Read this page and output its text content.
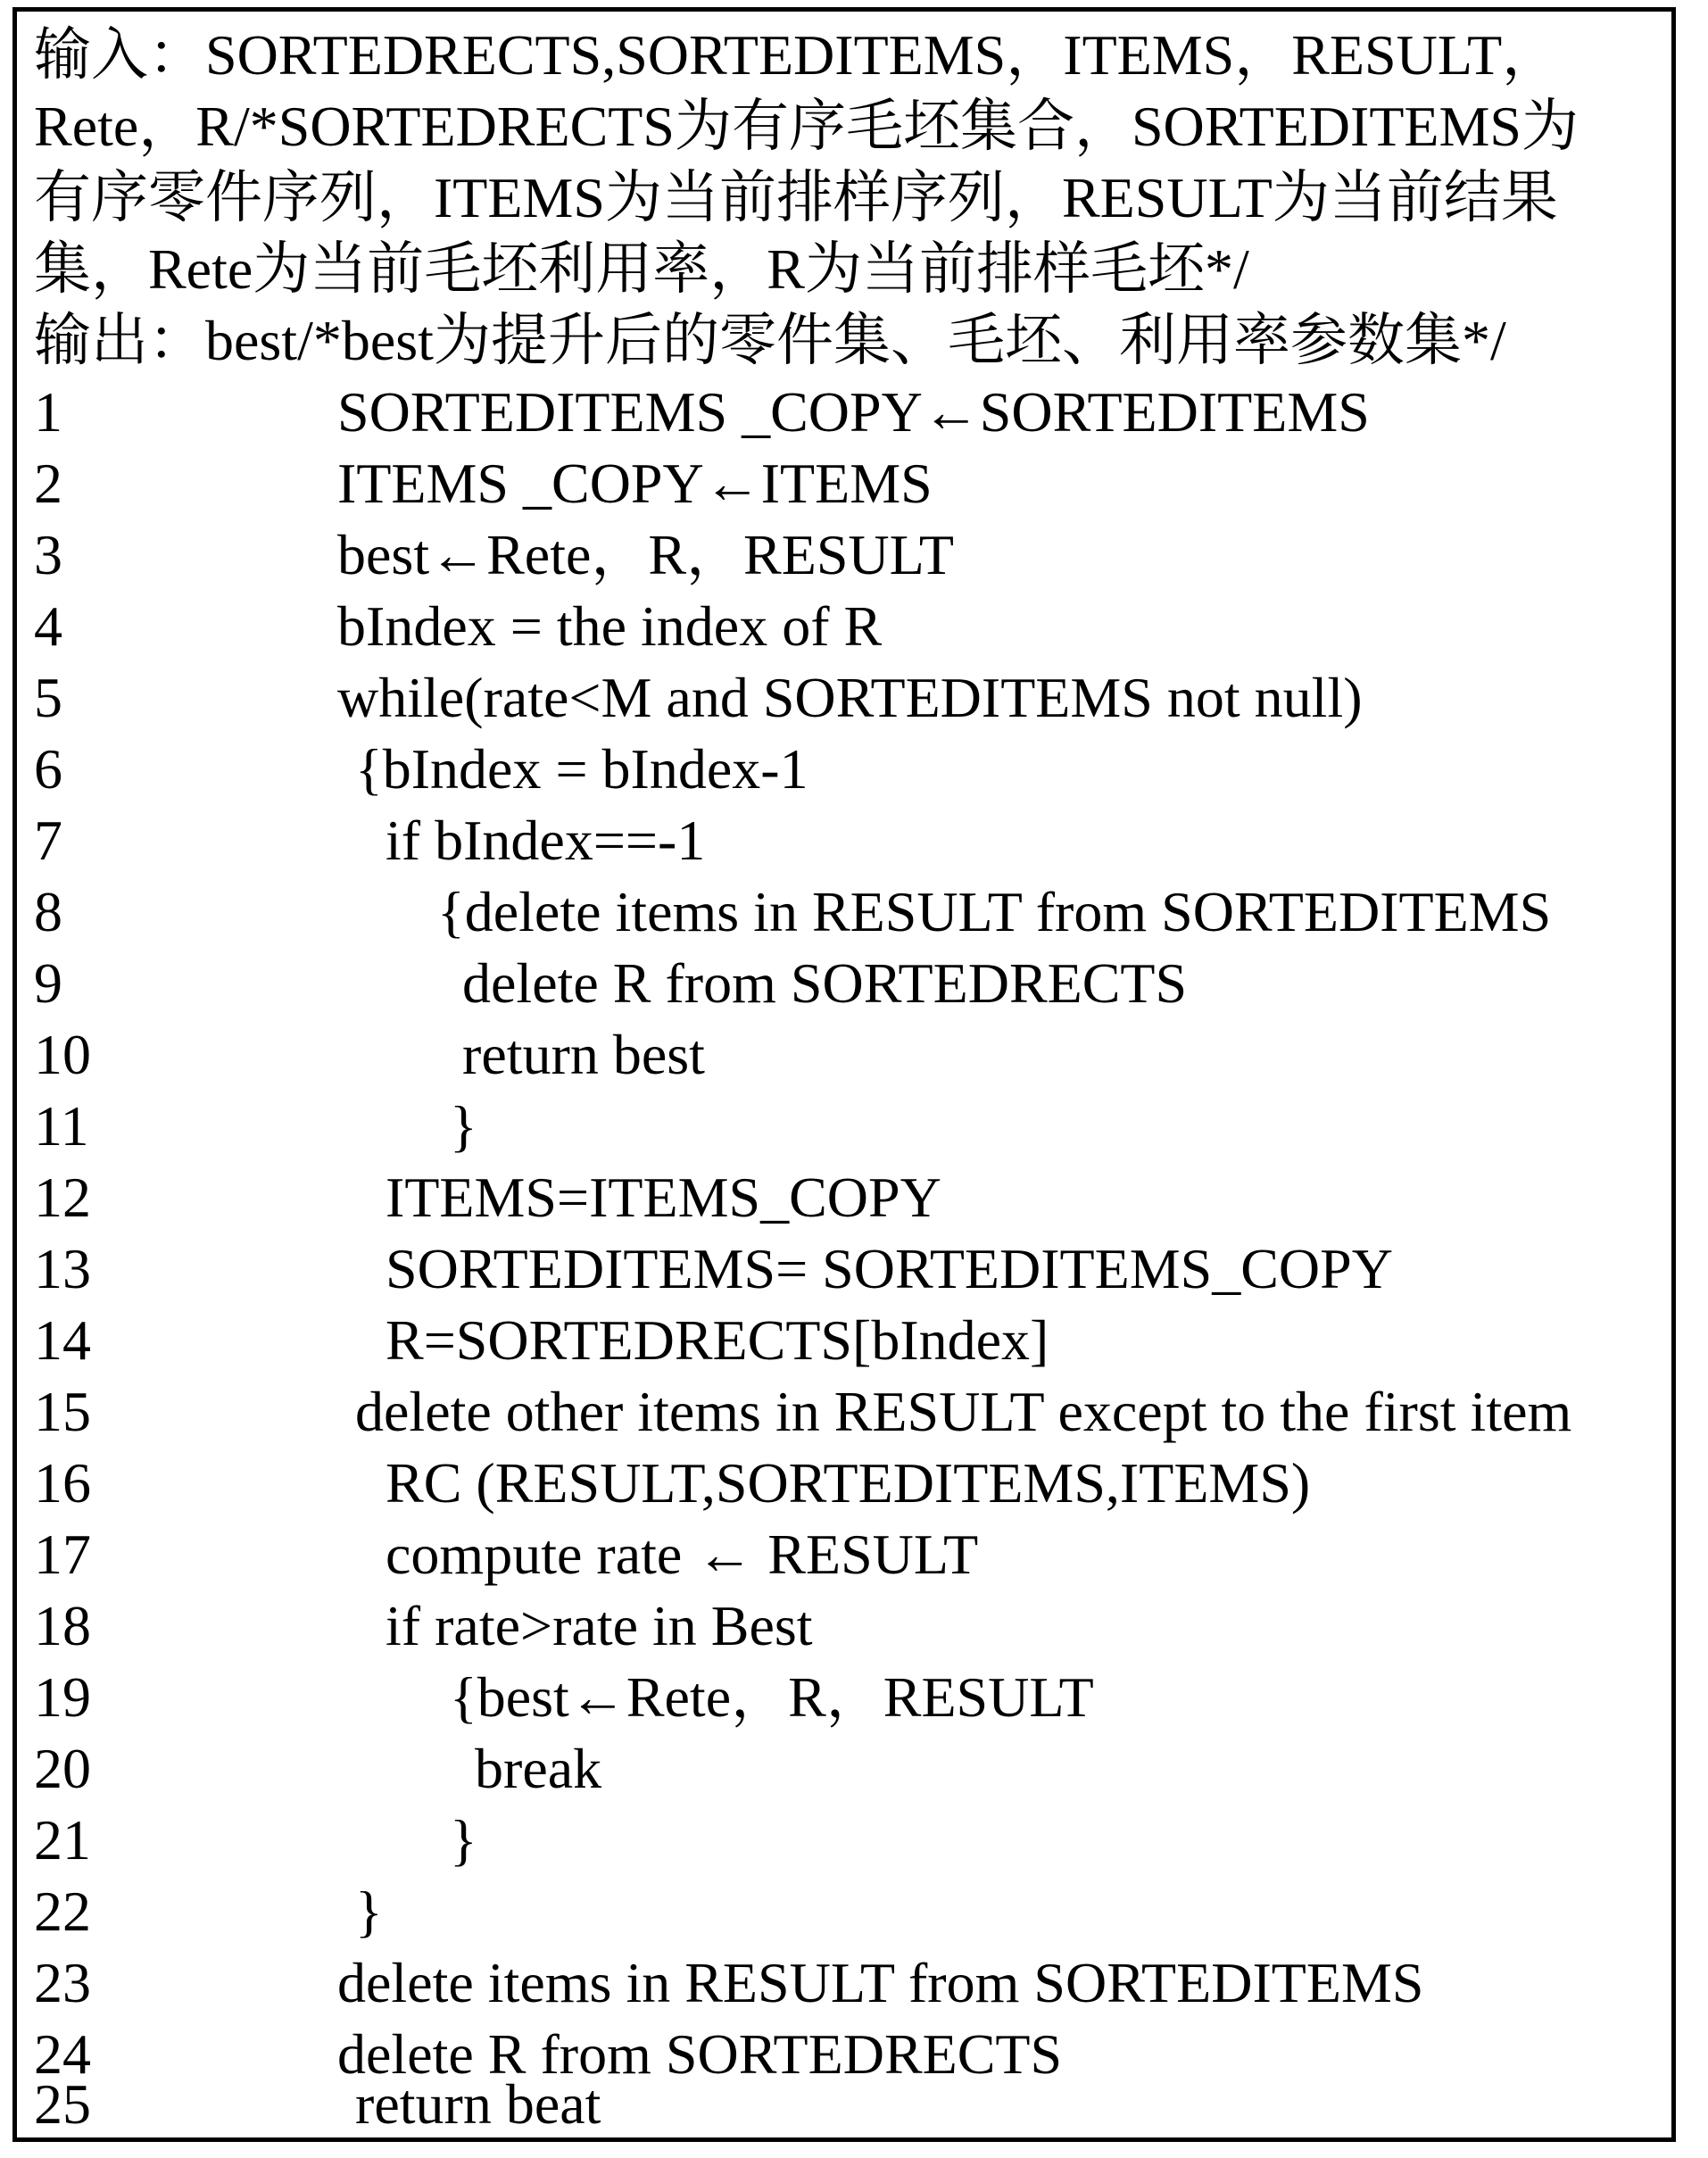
输入：SORTEDRECTS,SORTEDITEMS，ITEMS，RESULT，
Rete，R/*SORTEDRECTS为有序毛坯集合，SORTEDITEMS为
有序零件序列，ITEMS为当前排样序列，RESULT为当前结果
集，Rete为当前毛坯利用率，R为当前排样毛坯*/
输出：best/*best为提升后的零件集、毛坯、利用率参数集*/
1	SORTEDITEMS _COPY←SORTEDITEMS
2	ITEMS _COPY←ITEMS
3	best←Rete，R，RESULT
4	bIndex = the index of R
5	while(rate<M and SORTEDITEMS not null)
6	{bIndex = bIndex-1
7	if bIndex==-1
8	{delete items in RESULT from SORTEDITEMS
9	delete R from SORTEDRECTS
10	return best
11	}
12	ITEMS=ITEMS_COPY
13	SORTEDITEMS= SORTEDITEMS_COPY
14	R=SORTEDRECTS[bIndex]
15	delete other items in RESULT except to the first item
16	RC (RESULT,SORTEDITEMS,ITEMS)
17	compute rate ← RESULT
18	if rate>rate in Best
19	{best←Rete，R，RESULT
20	break
21	}
22	}
23	delete items in RESULT from SORTEDITEMS
24	delete R from SORTEDRECTS
25	return beat
